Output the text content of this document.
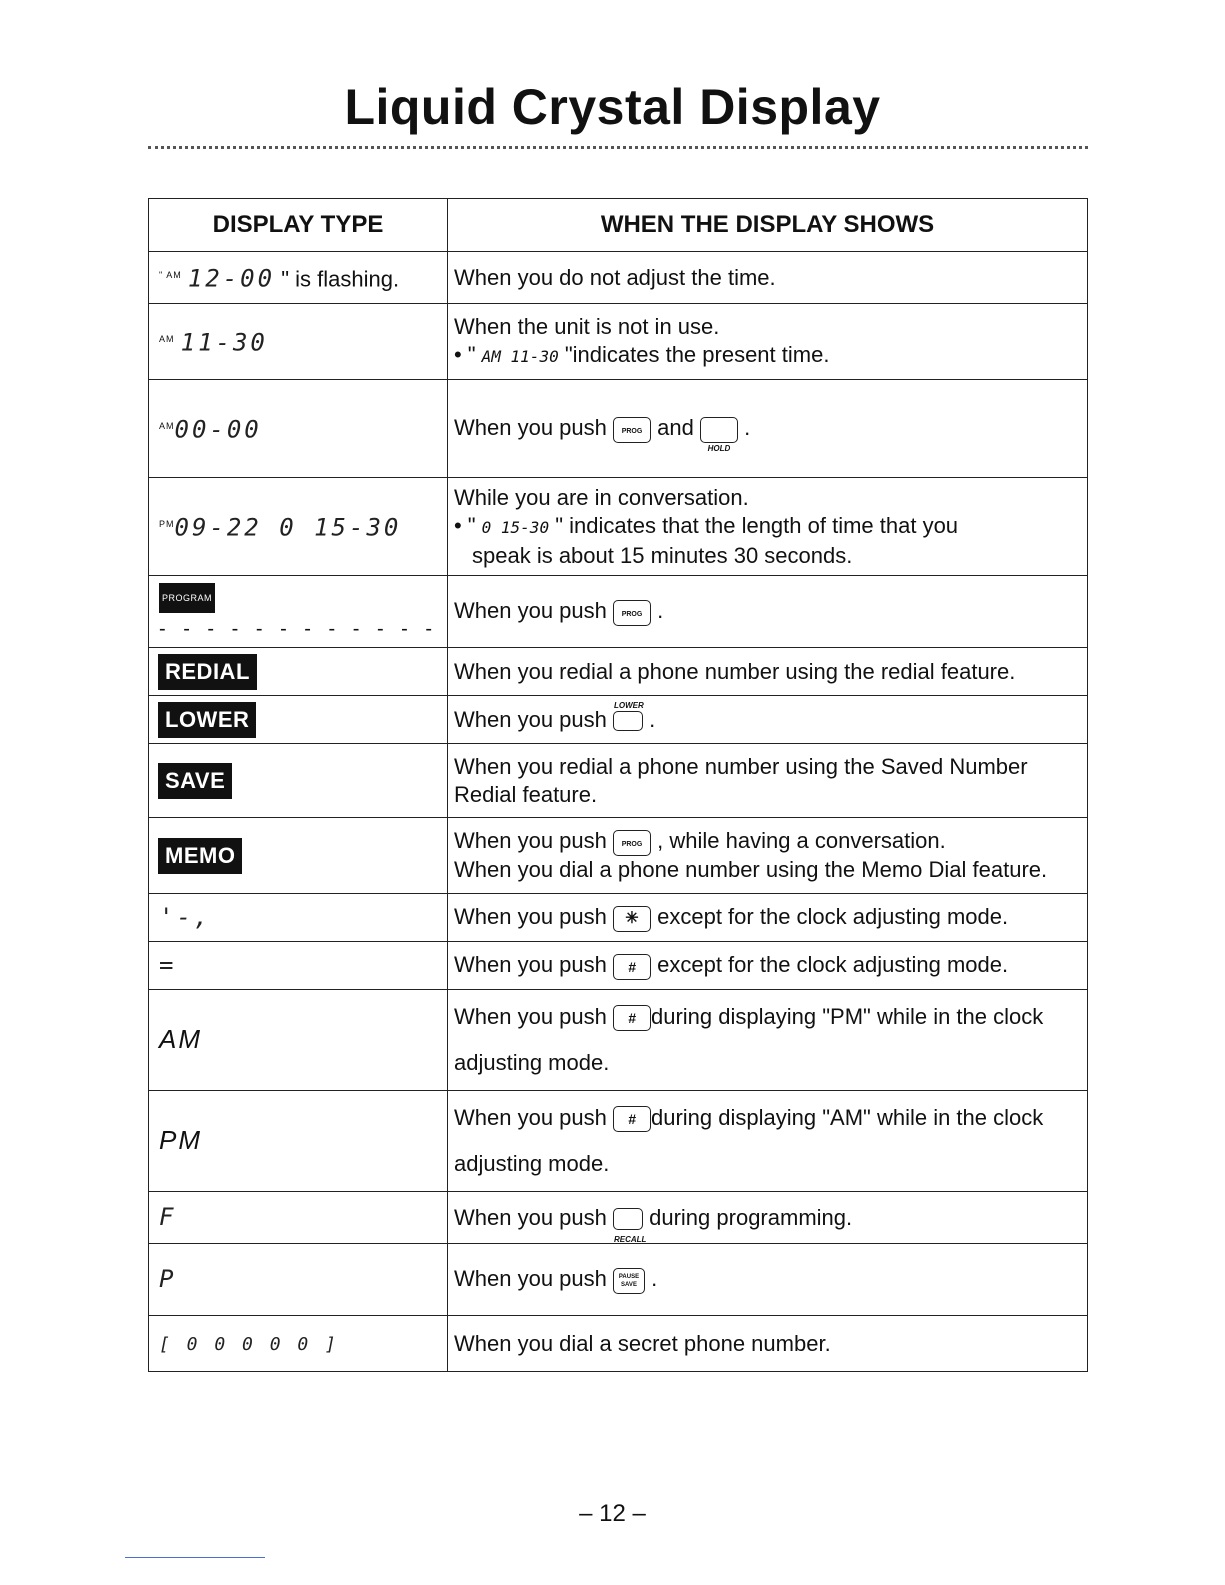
Liquid Crystal Display
DISPLAY TYPE	WHEN THE DISPLAY SHOWS
$^{" AM}$ 12-00 " is flashing.	When you do not adjust the time.
$^{AM}$ 11-30	When the unit is not in use.
• " AM 11-30 "indicates the present time.
$^{AM}$00-00	When you push PROG and
HOLD
.
$^{PM}$09-22 0 15-30	While you are in conversation.
• " 0 15-30 " indicates that the length of time that you

speak is about 15 minutes 30 seconds.

PROGRAM
- - - - - - - - - - - -	When you push PROG .
REDIAL	When you redial a phone number using the redial feature.
LOWER	When you push
LOWER
.
SAVE	When you redial a phone number using the Saved Number
Redial feature.
MEMO	When you push PROG , while having a conversation.
When you dial a phone number using the Memo Dial feature.
'-,	When you push ✳ except for the clock adjusting mode.
=	When you push # except for the clock adjusting mode.
AM	When you push # during displaying "PM" while in the clock
adjusting mode.
PM	When you push # during displaying "AM" while in the clock
adjusting mode.
F	When you push
RECALL
during programming.
P	When you push PAUSE SAVE .
[ 0 0 0 0 0 ]	When you dial a secret phone number.
– 12 –
